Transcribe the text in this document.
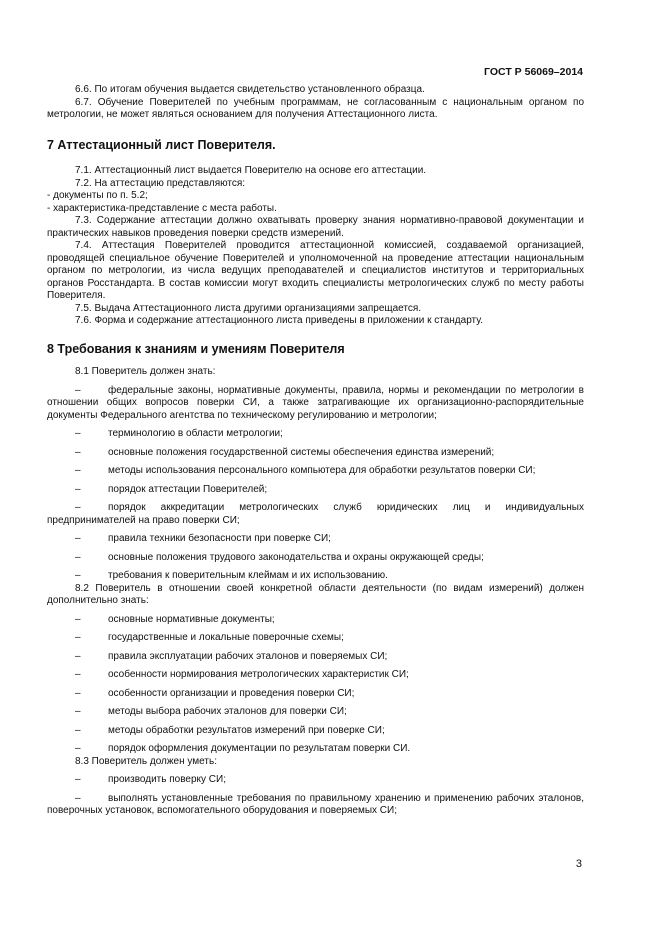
ГОСТ Р 56069–2014

6.6. По итогам обучения выдается свидетельство установленного образца.

6.7. Обучение Поверителей по учебным программам, не согласованным с национальным органом по метрологии, не может являться основанием для получения Аттестационного листа.

7 Аттестационный лист Поверителя.

7.1. Аттестационный лист выдается Поверителю на основе его аттестации.

7.2. На аттестацию представляются:

- документы по п. 5.2;

- характеристика-представление с места работы.

7.3. Содержание аттестации должно охватывать проверку знания нормативно-правовой документации и практических навыков проведения поверки средств измерений.

7.4. Аттестация Поверителей проводится аттестационной комиссией, создаваемой организацией, проводящей специальное обучение Поверителей и уполномоченной на проведение аттестации национальным органом по метрологии, из числа ведущих преподавателей и специалистов институтов и территориальных органов Росстандарта. В состав комиссии могут входить специалисты метрологических служб по месту работы Поверителя.

7.5. Выдача Аттестационного листа другими организациями запрещается.

7.6. Форма и содержание аттестационного листа приведены в приложении к стандарту.

8 Требования к знаниям и умениям Поверителя

8.1 Поверитель должен знать:

–	федеральные законы, нормативные документы, правила, нормы и рекомендации по метрологии в отношении общих вопросов поверки СИ, а также затрагивающие их организационно-распорядительные документы Федерального агентства по техническому регулированию и метрологии;

–	терминологию в области метрологии;

–	основные положения государственной системы обеспечения единства измерений;

–	методы использования персонального компьютера для обработки результатов поверки СИ;

–	порядок аттестации Поверителей;

–	порядок аккредитации метрологических служб юридических лиц и индивидуальных предпринимателей на право поверки СИ;

–	правила техники безопасности при поверке СИ;

–	основные положения трудового законодательства и охраны окружающей среды;

–	требования к поверительным клеймам и их использованию.

8.2 Поверитель в отношении своей конкретной области деятельности (по видам измерений) должен дополнительно знать:

–	основные нормативные документы;

–	государственные и локальные поверочные схемы;

–	правила эксплуатации рабочих эталонов и поверяемых СИ;

–	особенности нормирования метрологических характеристик СИ;

–	особенности организации и проведения поверки СИ;

–	методы выбора рабочих эталонов для поверки СИ;

–	методы обработки результатов измерений при поверке СИ;

–	порядок оформления документации по результатам поверки СИ.

8.3 Поверитель должен уметь:

–	производить поверку СИ;

–	выполнять установленные требования по правильному хранению и применению рабочих эталонов, поверочных установок, вспомогательного оборудования и поверяемых СИ;

3
